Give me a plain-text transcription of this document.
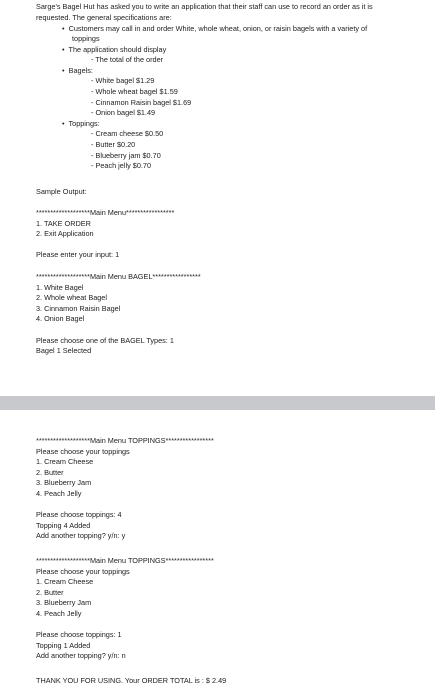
Sarge's Bagel Hut has asked you to write an application that their staff can use to record an order as it is
requested. The general specifications are:
•  Customers may call in and order White, whole wheat, onion, or raisin bagels with a variety of
toppings
•  The application should display
- The total of the order
•  Bagels:
- White bagel $1.29
- Whole wheat bagel $1.59
- Cinnamon Raisin bagel $1.69
- Onion bagel $1.49
•  Toppings:
- Cream cheese $0.50
- Butter $0.20
- Blueberry jam $0.70
- Peach jelly $0.70
Sample Output:
*******************Main Menu*****************
1. TAKE ORDER
2. Exit Application
Please enter your input: 1
*******************Main Menu BAGEL*****************
1. White Bagel
2. Whole wheat Bagel
3. Cinnamon Raisin Bagel
4. Onion Bagel
Please choose one of the BAGEL Types: 1
Bagel 1 Selected
*******************Main Menu TOPPINGS*****************
Please choose your toppings
1. Cream Cheese
2. Butter
3. Blueberry Jam
4. Peach Jelly
Please choose toppings: 4
Topping 4 Added
Add another topping? y/n: y
*******************Main Menu TOPPINGS*****************
Please choose your toppings
1. Cream Cheese
2. Butter
3. Blueberry Jam
4. Peach Jelly
Please choose toppings: 1
Topping 1 Added
Add another topping? y/n: n
THANK YOU FOR USING. Your ORDER TOTAL is : $ 2.49
